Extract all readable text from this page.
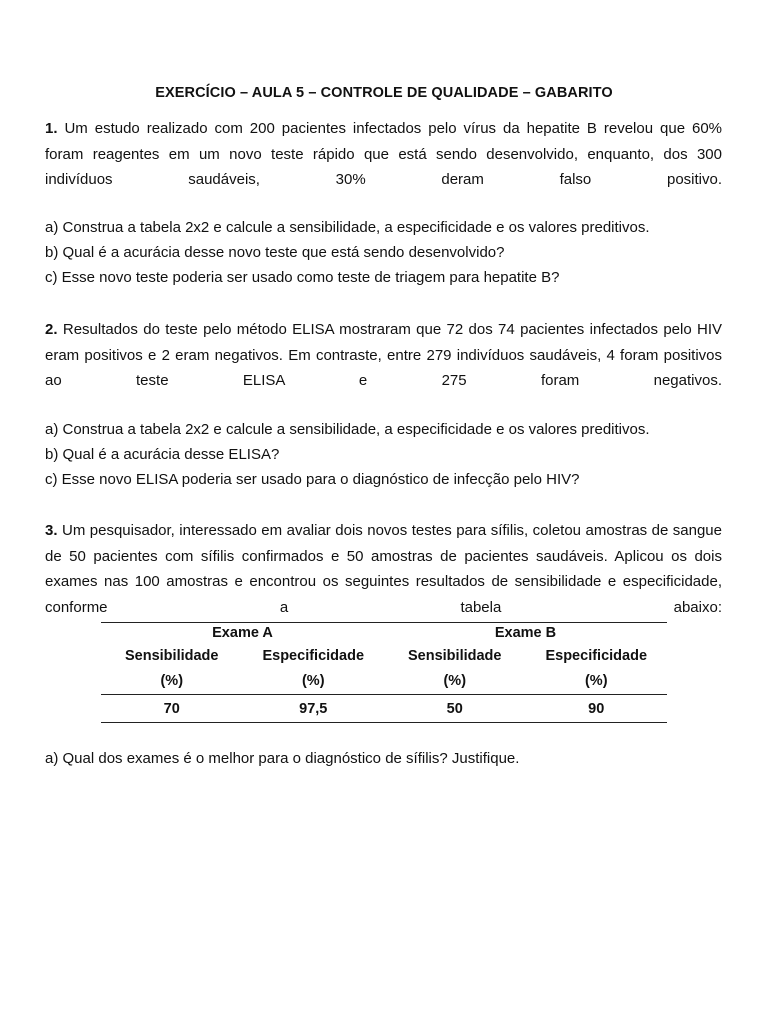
EXERCÍCIO – AULA 5 – CONTROLE DE QUALIDADE – GABARITO

1. Um estudo realizado com 200 pacientes infectados pelo vírus da hepatite B revelou que 60% foram reagentes em um novo teste rápido que está sendo desenvolvido, enquanto, dos 300 indivíduos saudáveis, 30% deram falso positivo.

a) Construa a tabela 2x2 e calcule a sensibilidade, a especificidade e os valores preditivos.

b) Qual é a acurácia desse novo teste que está sendo desenvolvido?

c) Esse novo teste poderia ser usado como teste de triagem para hepatite B?

2. Resultados do teste pelo método ELISA mostraram que 72 dos 74 pacientes infectados pelo HIV eram positivos e 2 eram negativos. Em contraste, entre 279 indivíduos saudáveis, 4 foram positivos ao teste ELISA e 275 foram negativos.

a) Construa a tabela 2x2 e calcule a sensibilidade, a especificidade e os valores preditivos.

b) Qual é a acurácia desse ELISA?

c) Esse novo ELISA poderia ser usado para o diagnóstico de infecção pelo HIV?

3. Um pesquisador, interessado em avaliar dois novos testes para sífilis, coletou amostras de sangue de 50 pacientes com sífilis confirmados e 50 amostras de pacientes saudáveis. Aplicou os dois exames nas 100 amostras e encontrou os seguintes resultados de sensibilidade e especificidade, conforme a tabela abaixo:

Exame A		Exame B	
Sensibilidade	Especificidade	Sensibilidade	Especificidade
(%)	(%)	(%)	(%)
70	97,5	50	90

a) Qual dos exames é o melhor para o diagnóstico de sífilis? Justifique.
